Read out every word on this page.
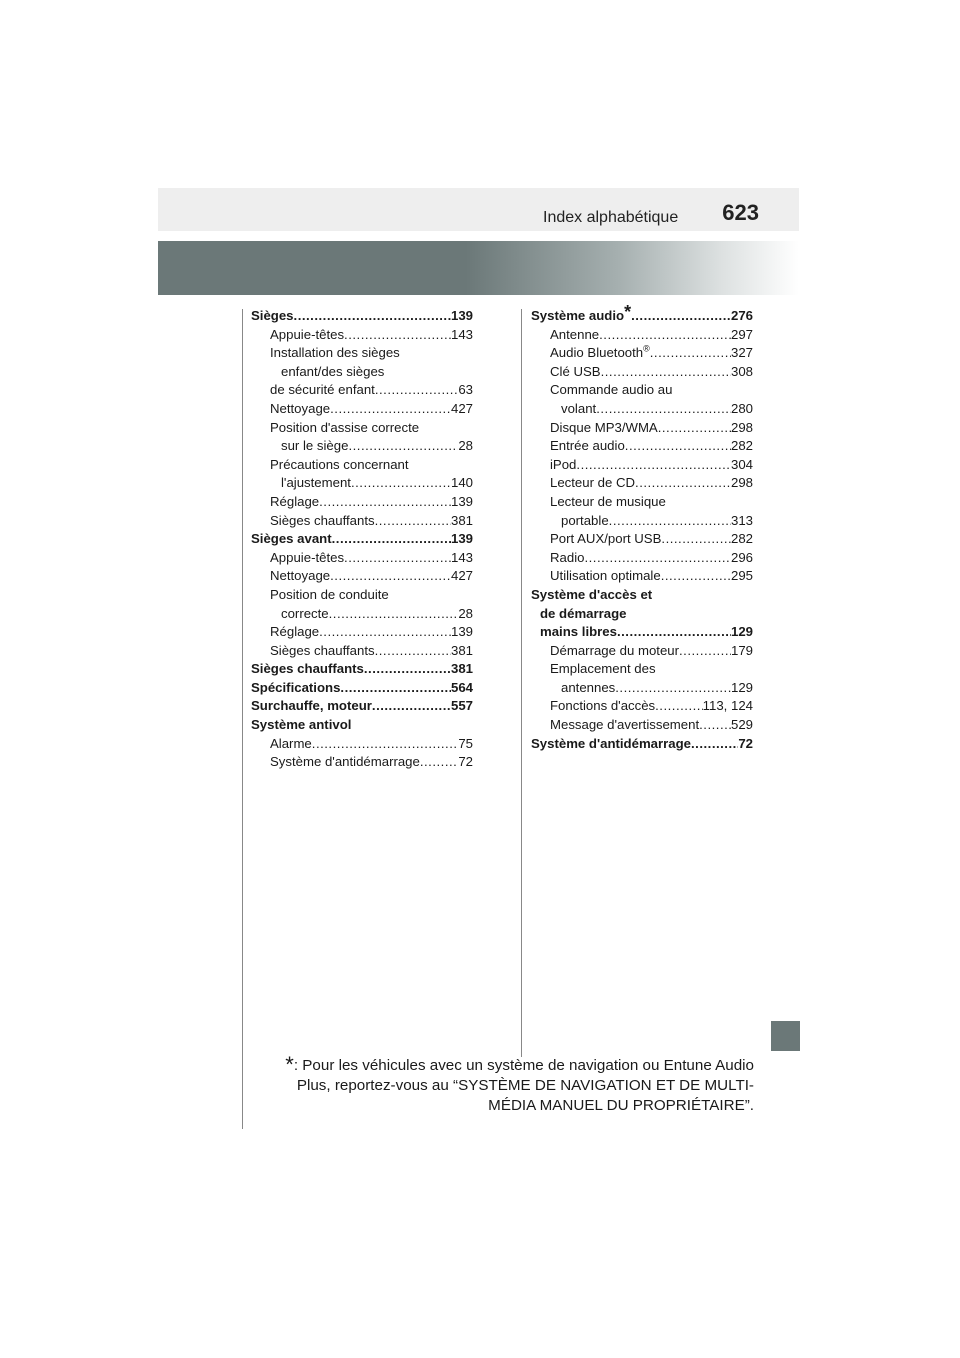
Index alphabétique 623
Sièges .....	139
Appuie-têtes .....	143
Installation des sièges
enfant/des sièges
de sécurité enfant .....	63
Nettoyage .....	427
Position d'assise correcte
sur le siège .....	28
Précautions concernant
l'ajustement .....	140
Réglage .....	139
Sièges chauffants .....	381
Sièges avant .....	139
Appuie-têtes .....	143
Nettoyage .....	427
Position de conduite
correcte .....	28
Réglage .....	139
Sièges chauffants .....	381
Sièges chauffants .....	381
Spécifications .....	564
Surchauffe, moteur .....	557
Système antivol
Alarme .....	75
Système d'antidémarrage .....	72
Système audio* .....	276
Antenne .....	297
Audio Bluetooth® .....	327
Clé USB .....	308
Commande audio au
volant .....	280
Disque MP3/WMA .....	298
Entrée audio .....	282
iPod .....	304
Lecteur de CD .....	298
Lecteur de musique
portable .....	313
Port AUX/port USB .....	282
Radio .....	296
Utilisation optimale .....	295
Système d'accès et
de démarrage
mains libres .....	129
Démarrage du moteur .....	179
Emplacement des
antennes .....	129
Fonctions d'accès .....	113, 124
Message d'avertissement ..... 529
Système d'antidémarrage .....	72
*: Pour les véhicules avec un système de navigation ou Entune Audio
Plus, reportez-vous au “SYSTÈME DE NAVIGATION ET DE MULTI-
MÉDIA MANUEL DU PROPRIÉTAIRE”.
